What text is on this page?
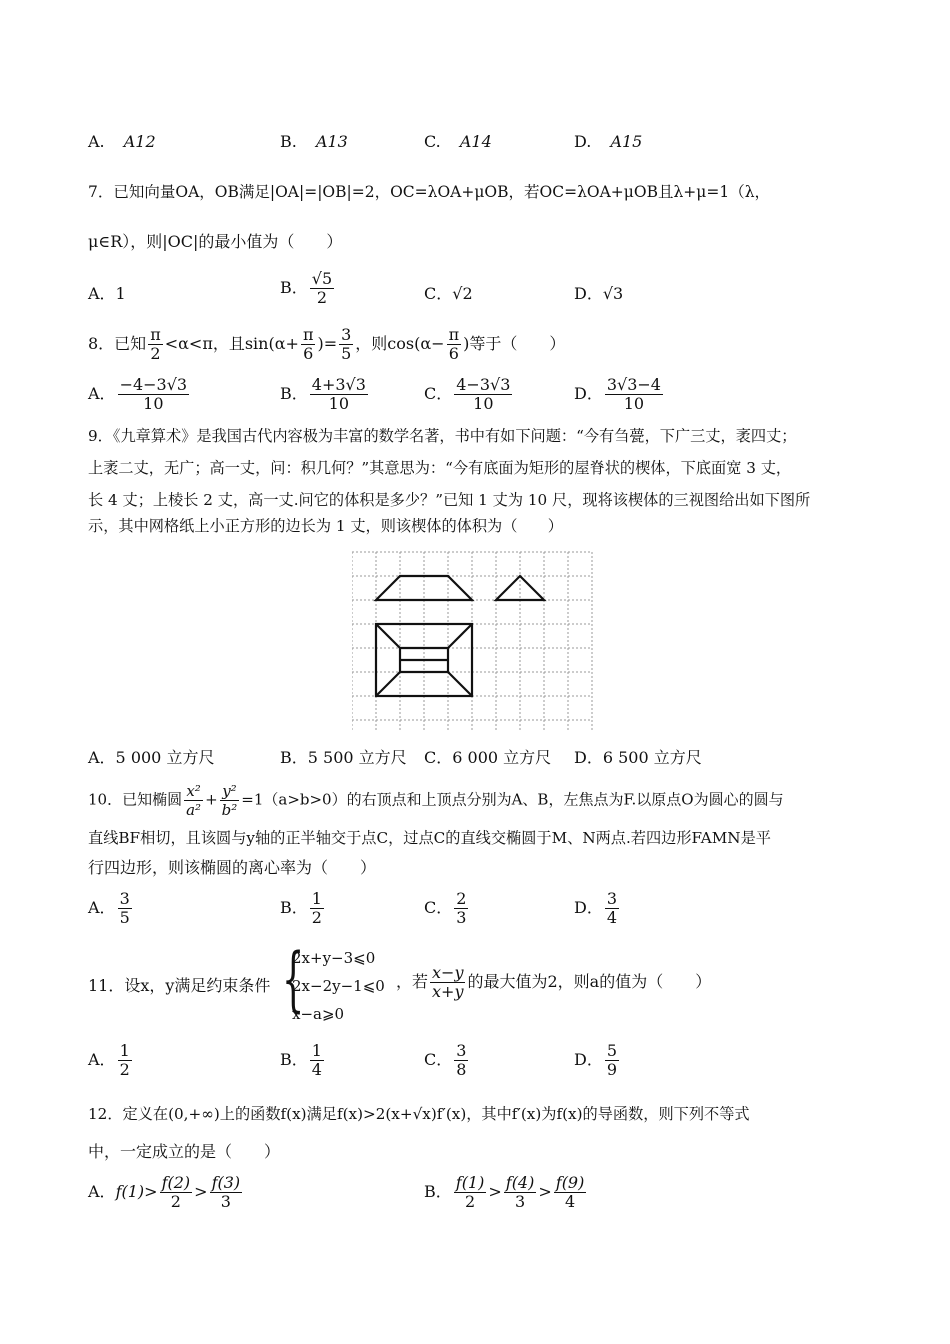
A. A12	B. A13	C. A14	D. A15
7．已知向量OA，OB满足|OA|=|OB|=2，OC=λOA+μOB，若OC=λOA+μOB且λ+μ=1（λ，
μ∈R），则|OC|的最小值为（　　）
A．1	B． $\frac{√5}{2}$	C．√2	D．√3
8．已知 $\frac{\pi}{2} <\alpha<\pi$，且$\sin(\alpha+ \frac{\pi}{6}$ )= $\frac{3}{5}$ ，则$\cos(\alpha- \frac{\pi}{6}$ )等于（　　）
A． $\frac{-4-3√3}{10}$	B． $\frac{4+3√3}{10}$	C． $\frac{4-3√3}{10}$	D． $\frac{3√3-4}{10}$
9．《九章算术》是我国古代内容极为丰富的数学名著，书中有如下问题：“今有刍甍，下广三丈，袤四丈；
上袤二丈，无广；高一丈，问：积几何？”其意思为：“今有底面为矩形的屋脊状的楔体，下底面宽 3 丈，
长 4 丈；上棱长 2 丈，高一丈.问它的体积是多少？”已知 1 丈为 10 尺，现将该楔体的三视图给出如下图所
示，其中网格纸上小正方形的边长为 1 丈，则该楔体的体积为（　　）
A．5 000 立方尺	B．5 500 立方尺 C．6 000 立方尺 D．6 500 立方尺
10．已知椭圆 $\frac{\text{x²}}{\text{a²}} + \frac{\text{y²}}{\text{b²}} =1(a>b>0)$的右顶点和上顶点分别为A、B，左焦点为F.以原点O为圆心的圆与
直线BF相切，且该圆与y轴的正半轴交于点C，过点C的直线交椭圆于M、N两点.若四边形FAMN是平
行四边形，则该椭圆的离心率为（　　）
A． $\frac{3}{5}$	B． $\frac{1}{2}$	C． $\frac{2}{3}$	D． $\frac{3}{4}$
11．设x，y满足约束条件 {
2x+y−3⩽0
2x−2y−1⩽0
x−a⩾0
，若 $\frac{x-y}{x+y}$ 的最大值为2，则a的值为（　　）
A． $\frac{1}{2}$	B． $\frac{1}{4}$	C． $\frac{3}{8}$	D． $\frac{5}{9}$
12．定义在(0,+∞)上的函数f(x)满足f(x)>2(x+√x)f′(x)，其中f′(x)为f(x)的导函数，则下列不等式
中，一定成立的是（　　）
A．$f(1)> \frac{f(2)}{2} > \frac{f(3)}{3}$	B． $\frac{f(1)}{2} > \frac{f(4)}{3} > \frac{f(9)}{4}$
